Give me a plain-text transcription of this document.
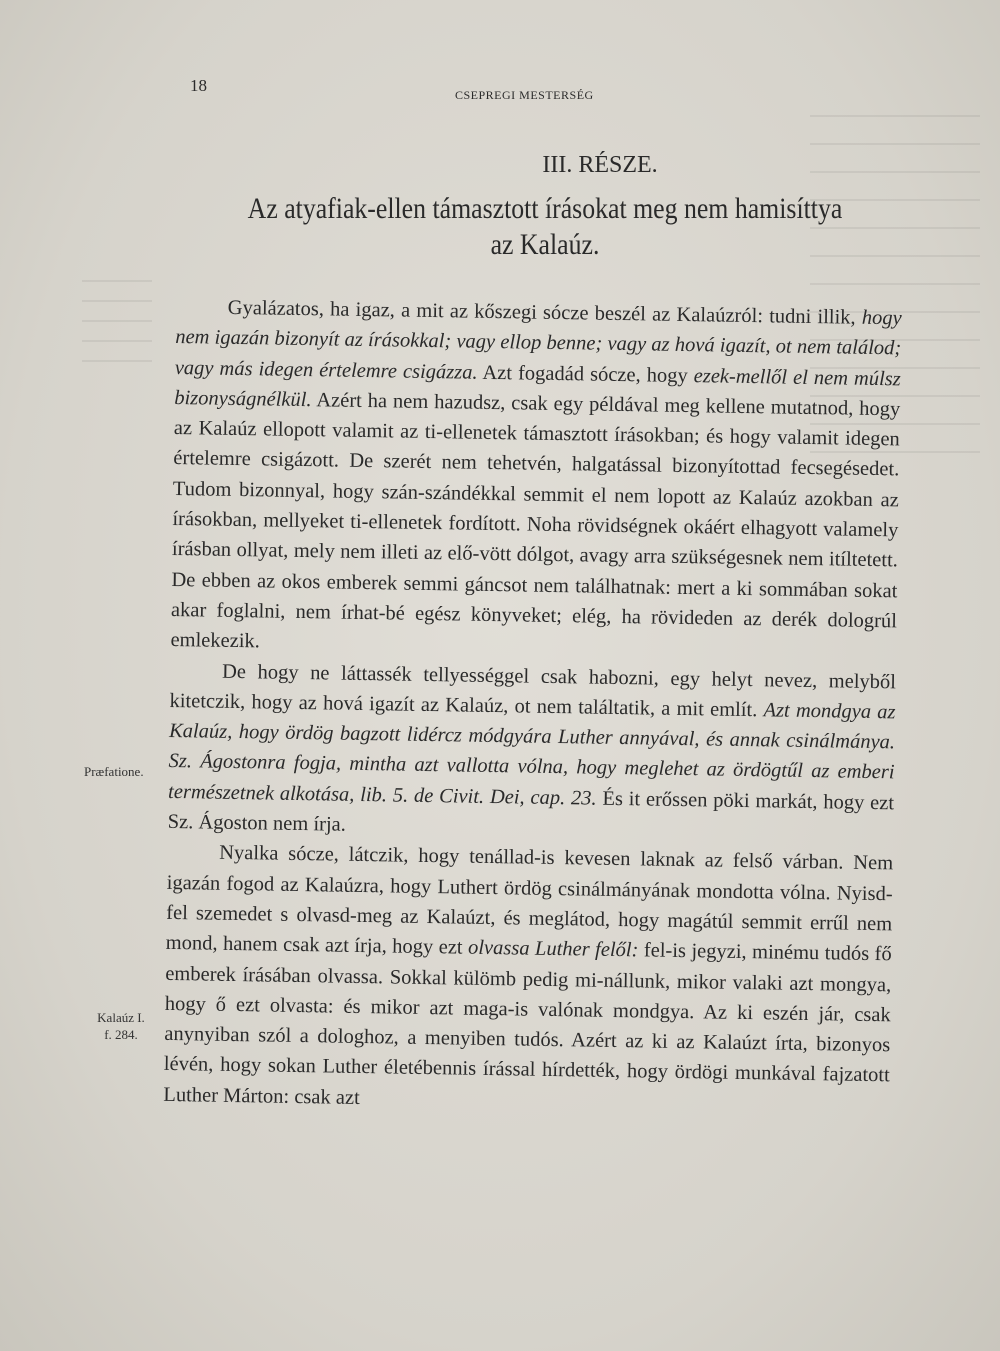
18	CSEPREGI MESTERSÉG
III. RÉSZE.
Az atyafiak-ellen támasztott írásokat meg nem hamisíttya az Kalaúz.
Præfatione.
Kalaúz I.
f. 284.

Gyalázatos, ha igaz, a mit az kőszegi sócze beszél az Kalaúzról: tudni illik, hogy nem igazán bizonyít az írásokkal; vagy ellop benne; vagy az hová igazít, ot nem találod; vagy más idegen értelemre csigázza. Azt fogadád sócze, hogy ezek-mellől el nem múlsz bizonyságnélkül. Azért ha nem hazudsz, csak egy példával meg kellene mutatnod, hogy az Kalaúz ellopott valamit az ti-ellenetek támasztott írásokban; és hogy valamit idegen értelemre csigázott. De szerét nem tehetvén, halgatással bizonyítottad fecsegésedet. Tudom bizonnyal, hogy szán-szándékkal semmit el nem lopott az Kalaúz azokban az írásokban, mellyeket ti-ellenetek fordított. Noha rövidségnek okáért elhagyott valamely írásban ollyat, mely nem illeti az elő-vött dólgot, avagy arra szükségesnek nem itíltetett. De ebben az okos emberek semmi gáncsot nem találhatnak: mert a ki sommában sokat akar foglalni, nem írhat-bé egész könyveket; elég, ha rövideden az derék dologrúl emlekezik.

De hogy ne láttassék tellyességgel csak habozni, egy helyt nevez, melyből kitetczik, hogy az hová igazít az Kalaúz, ot nem találtatik, a mit említ. Azt mondgya az Kalaúz, hogy ördög bagzott lidércz módgyára Luther annyával, és annak csinálmánya. Sz. Ágostonra fogja, mintha azt vallotta vólna, hogy meglehet az ördögtűl az emberi természetnek alkotása, lib. 5. de Civit. Dei, cap. 23. És it erőssen pöki markát, hogy ezt Sz. Ágoston nem írja.

Nyalka sócze, látczik, hogy tenállad-is kevesen laknak az felső várban. Nem igazán fogod az Kalaúzra, hogy Luthert ördög csinálmányának mondotta vólna. Nyisd-fel szemedet s olvasd-meg az Kalaúzt, és meglátod, hogy magátúl semmit errűl nem mond, hanem csak azt írja, hogy ezt olvassa Luther felől: fel-is jegyzi, minému tudós fő emberek írásában olvassa. Sokkal külömb pedig mi-nállunk, mikor valaki azt mongya, hogy ő ezt olvasta: és mikor azt maga-is valónak mondgya. Az ki eszén jár, csak anynyiban szól a dologhoz, a menyiben tudós. Azért az ki az Kalaúzt írta, bizonyos lévén, hogy sokan Luther életébennis írással hírdették, hogy ördögi munkával fajzatott Luther Márton: csak azt
